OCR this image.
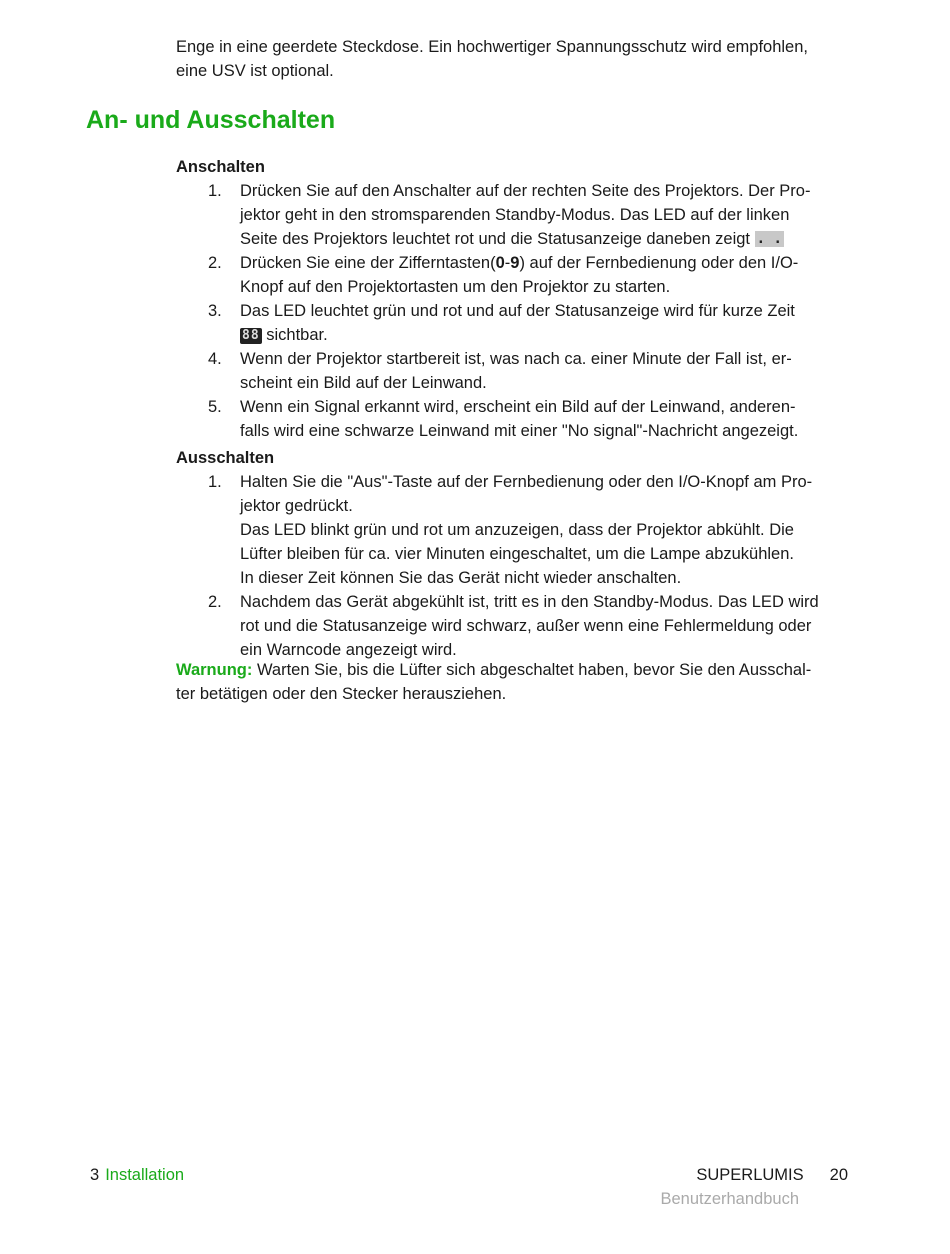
Enge in eine geerdete Steckdose. Ein hochwertiger Spannungsschutz wird empfohlen,
eine USV ist optional.
An- und Ausschalten
Anschalten
1. Drücken Sie auf den Anschalter auf der rechten Seite des Projektors. Der Pro-
jektor geht in den stromsparenden Standby-Modus. Das LED auf der linken
Seite des Projektors leuchtet rot und die Statusanzeige daneben zeigt . .
2. Drücken Sie eine der Zifferntasten(0-9) auf der Fernbedienung oder den I/O-
Knopf auf den Projektortasten um den Projektor zu starten.
3. Das LED leuchtet grün und rot und auf der Statusanzeige wird für kurze Zeit
88 sichtbar.
4. Wenn der Projektor startbereit ist, was nach ca. einer Minute der Fall ist, er-
scheint ein Bild auf der Leinwand.
5. Wenn ein Signal erkannt wird, erscheint ein Bild auf der Leinwand, anderen-
falls wird eine schwarze Leinwand mit einer "No signal"-Nachricht angezeigt.
Ausschalten
1. Halten Sie die "Aus"-Taste auf der Fernbedienung oder den I/O-Knopf am Pro-
jektor gedrückt.
Das LED blinkt grün und rot um anzuzeigen, dass der Projektor abkühlt. Die
Lüfter bleiben für ca. vier Minuten eingeschaltet, um die Lampe abzukühlen.
In dieser Zeit können Sie das Gerät nicht wieder anschalten.
2. Nachdem das Gerät abgekühlt ist, tritt es in den Standby-Modus. Das LED wird
rot und die Statusanzeige wird schwarz, außer wenn eine Fehlermeldung oder
ein Warncode angezeigt wird.
Warnung: Warten Sie, bis die Lüfter sich abgeschaltet haben, bevor Sie den Ausschal-
ter betätigen oder den Stecker herausziehen.
3 Installation	SUPERLUMIS 20
Benutzerhandbuch
